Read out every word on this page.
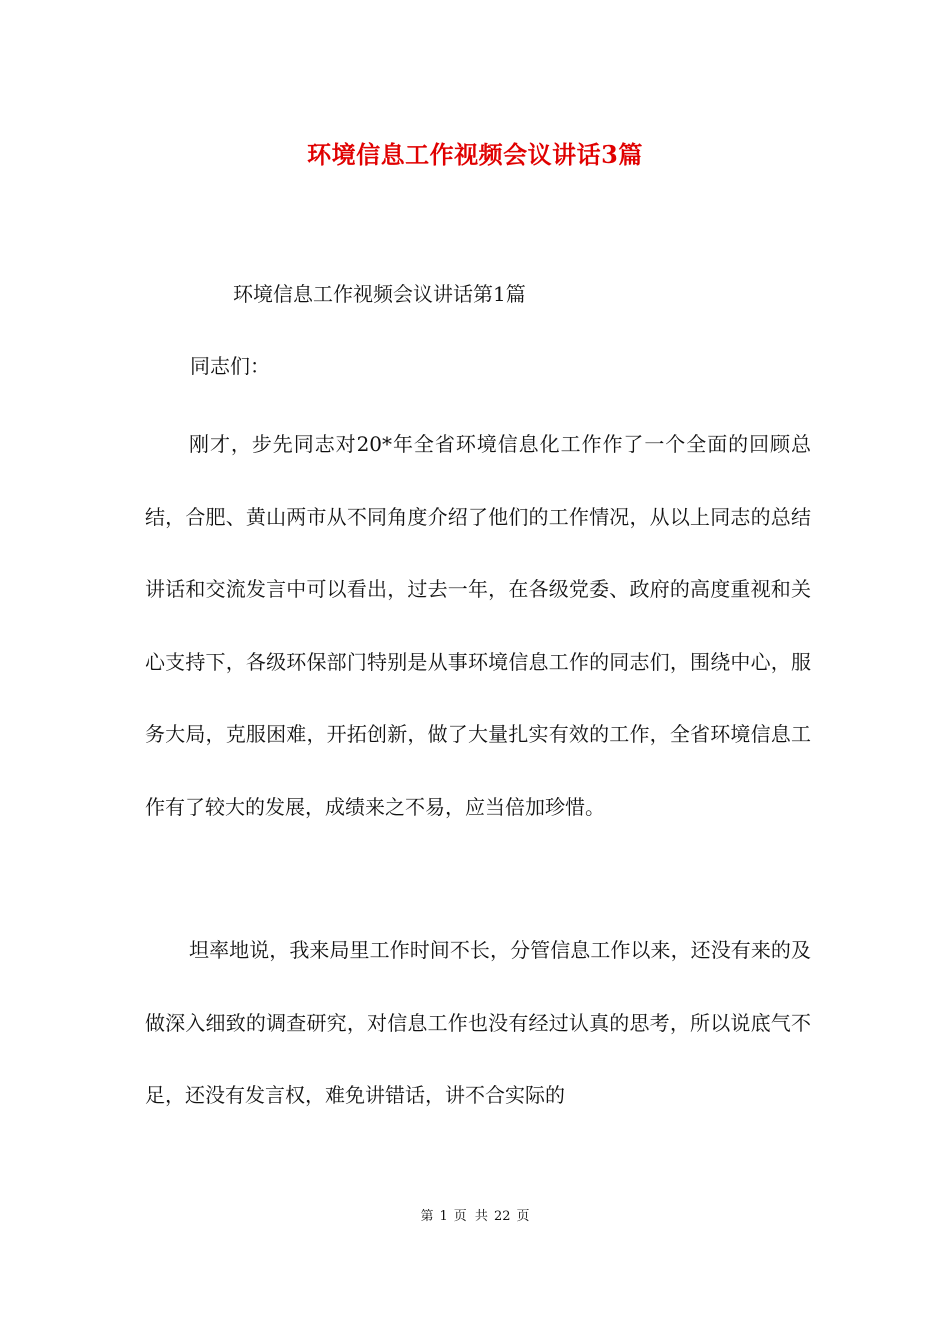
环境信息工作视频会议讲话3篇
环境信息工作视频会议讲话第1篇
同志们：

刚才，步先同志对20*年全省环境信息化工作作了一个全面的回顾总结，合肥、黄山两市从不同角度介绍了他们的工作情况，从以上同志的总结讲话和交流发言中可以看出，过去一年，在各级党委、政府的高度重视和关心支持下，各级环保部门特别是从事环境信息工作的同志们，围绕中心，服务大局，克服困难，开拓创新，做了大量扎实有效的工作，全省环境信息工作有了较大的发展，成绩来之不易，应当倍加珍惜。

坦率地说，我来局里工作时间不长，分管信息工作以来，还没有来的及做深入细致的调查研究，对信息工作也没有经过认真的思考，所以说底气不足，还没有发言权，难免讲错话，讲不合实际的

第 1 页 共 22 页
